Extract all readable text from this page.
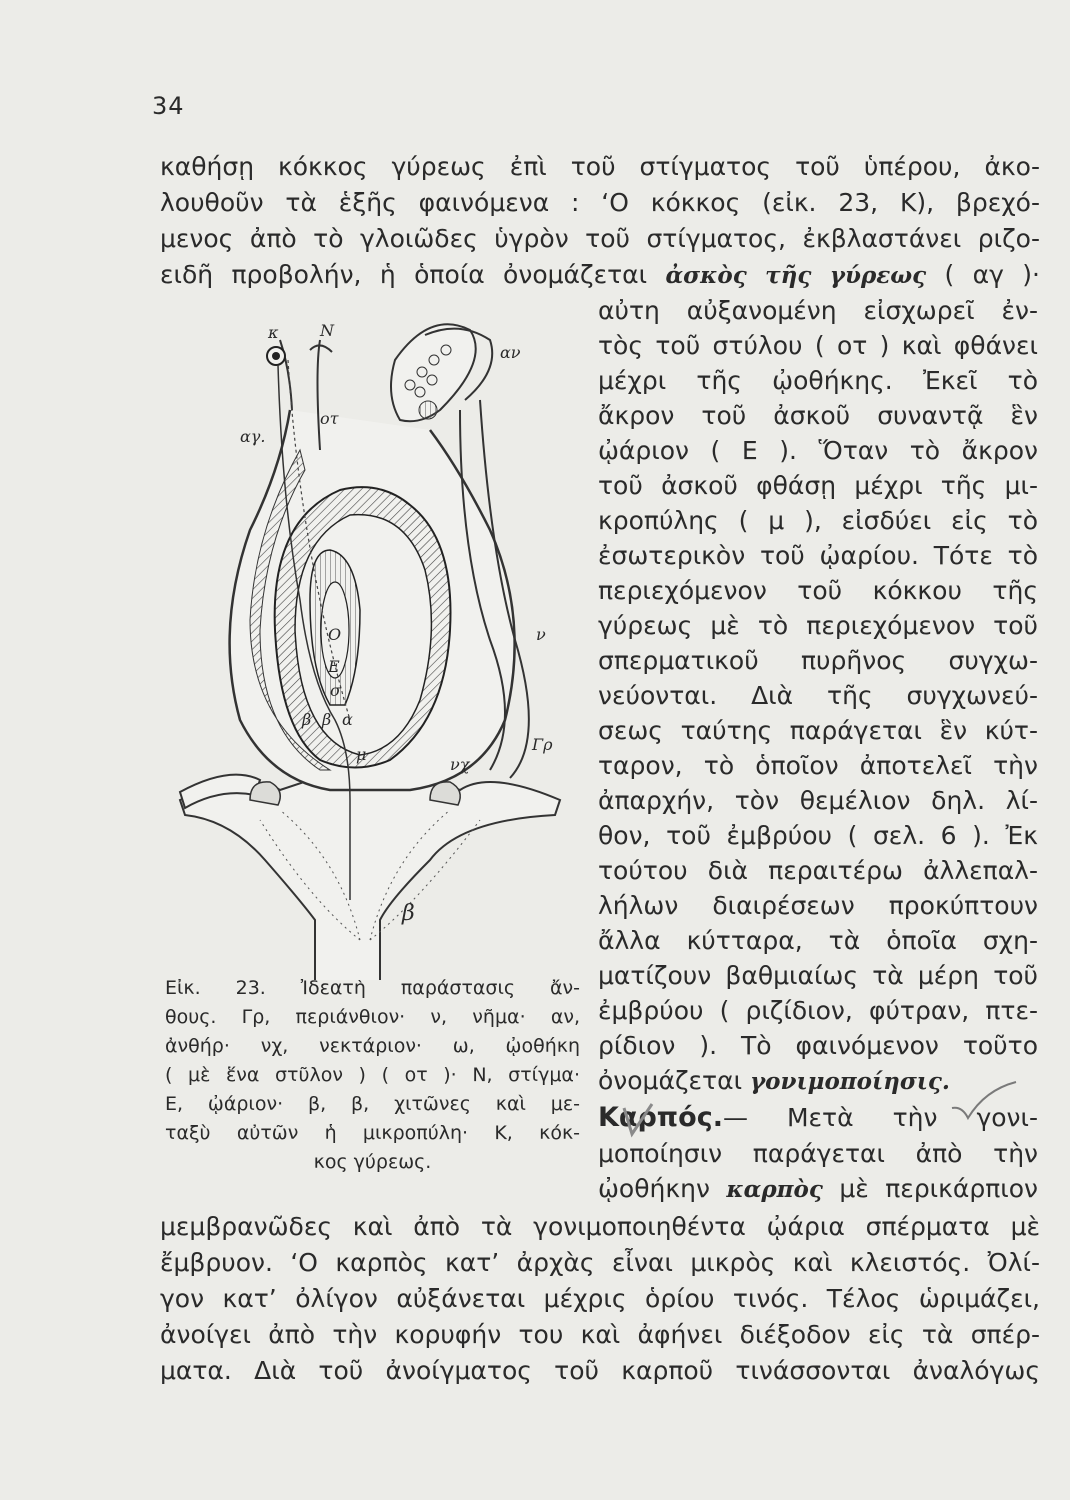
34
καθήσῃ κόκκος γύρεως ἐπὶ τοῦ στίγματος τοῦ ὑπέρου, ἀκο-
λουθοῦν τὰ ἑξῆς φαινόμενα : ‘Ο κόκκος (εἰκ. 23, Κ), βρεχό-
μενος ἀπὸ τὸ γλοιῶδες ὑγρὸν τοῦ στίγματος, ἐκβλαστάνει ριζο-
ειδῆ προβολήν, ἡ ὁποία ὀνομάζεται ἀσκὸς τῆς γύρεως ( αγ )·
αὐτη αὐξανομένη εἰσχωρεῖ ἐν-
τὸς τοῦ στύλου ( οτ ) καὶ φθάνει
μέχρι τῆς ᾠοθήκης. Ἐκεῖ τὸ
ἄκρον τοῦ ἀσκοῦ συναντᾷ ἓν
ᾠάριον ( Ε ). Ὅταν τὸ ἄκρον
τοῦ ἀσκοῦ φθάσῃ μέχρι τῆς μι-
κροπύλης ( μ ), εἰσδύει εἰς τὸ
ἐσωτερικὸν τοῦ ᾠαρίου. Τότε τὸ
περιεχόμενον τοῦ κόκκου τῆς
γύρεως μὲ τὸ περιεχόμενον τοῦ
σπερματικοῦ πυρῆνος συγχω-
νεύονται. Διὰ τῆς συγχωνεύ-
σεως ταύτης παράγεται ἓν κύτ-
ταρον, τὸ ὁποῖον ἀποτελεῖ τὴν
ἀπαρχήν, τὸν θεμέλιον δηλ. λί-
θον, τοῦ ἐμβρύου ( σελ. 6 ). Ἐκ
τούτου διὰ περαιτέρω ἀλλεπαλ-
λήλων διαιρέσεων προκύπτουν
ἄλλα κύτταρα, τὰ ὁποῖα σχη-
ματίζουν βαθμιαίως τὰ μέρη τοῦ
ἐμβρύου ( ριζίδιον, φύτραν, πτε-
ρίδιον ). Τὸ φαινόμενον τοῦτο
ὀνομάζεται γονιμοποίησις.
Καρπός.— Μετὰ τὴν γονι-
μοποίησιν παράγεται ἀπὸ τὴν
ᾠοθήκην καρπὸς μὲ περικάρπιον
μεμβρανῶδες καὶ ἀπὸ τὰ γονιμοποιηθέντα ᾠάρια σπέρματα μὲ
ἔμβρυον. ‘Ο καρπὸς κατ’ ἀρχὰς εἶναι μικρὸς καὶ κλειστός. Ὀλί-
γον κατ’ ὀλίγον αὐξάνεται μέχρις ὁρίου τινός. Τέλος ὡριμάζει,
ἀνοίγει ἀπὸ τὴν κορυφήν του καὶ ἀφήνει διέξοδον εἰς τὰ σπέρ-
ματα. Διὰ τοῦ ἀνοίγματος τοῦ καρποῦ τινάσσονται ἀναλόγως
Εἰκ. 23. Ἰδεατὴ παράστασις ἄν-
θους. Γρ, περιάνθιον· ν, νῆμα· αν,
ἀνθήρ· νχ, νεκτάριον· ω, ᾠοθήκη
( μὲ ἕνα στῦλον ) ( οτ )· Ν, στίγμα·
Ε, ᾠάριον· β, β, χιτῶνες καὶ με-
ταξὺ αὐτῶν ἡ μικροπύλη· Κ, κόκ-
κος γύρεως.
κ	Ν
οτ
αγ.
αν
ν
Γρ
Ο
Ε
σ
β β α
μ
νχ
β
